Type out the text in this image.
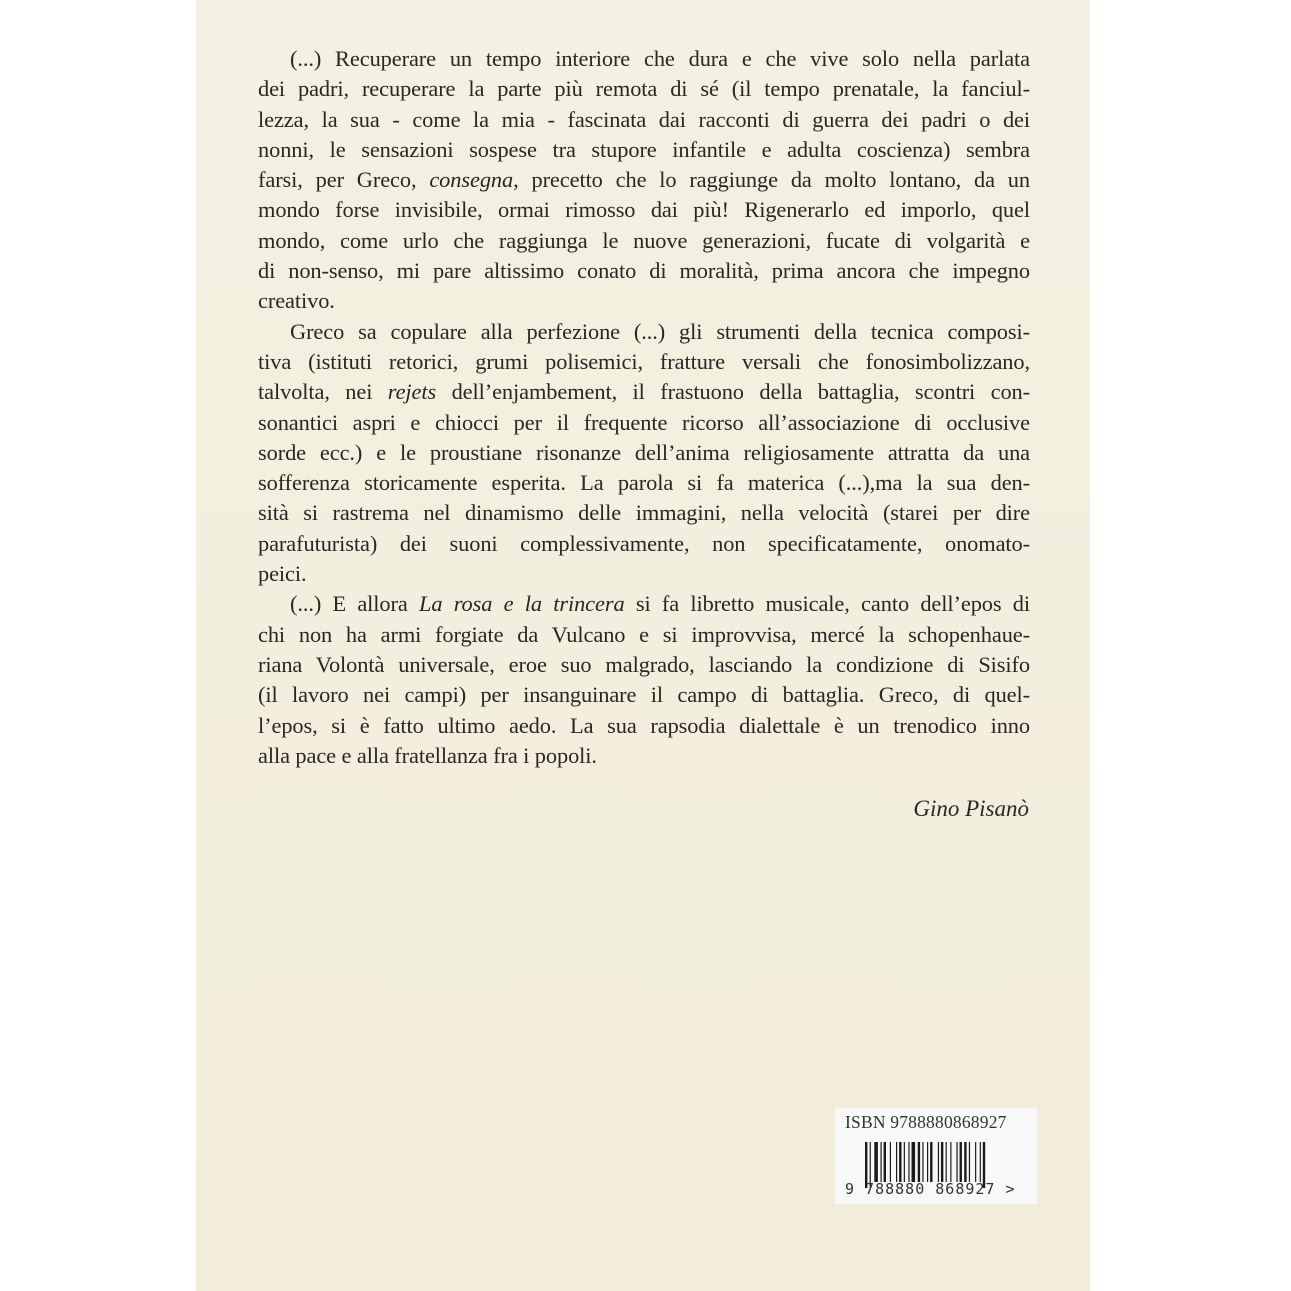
(...) Recuperare un tempo interiore che dura e che vive solo nella parlata
dei padri, recuperare la parte più remota di sé (il tempo prenatale, la fanciul-
lezza, la sua - come la mia - fascinata dai racconti di guerra dei padri o dei
nonni, le sensazioni sospese tra stupore infantile e adulta coscienza) sembra
farsi, per Greco, consegna, precetto che lo raggiunge da molto lontano, da un
mondo forse invisibile, ormai rimosso dai più! Rigenerarlo ed imporlo, quel
mondo, come urlo che raggiunga le nuove generazioni, fucate di volgarità e
di non-senso, mi pare altissimo conato di moralità, prima ancora che impegno
creativo.
Greco sa copulare alla perfezione (...) gli strumenti della tecnica composi-
tiva (istituti retorici, grumi polisemici, fratture versali che fonosimbolizzano,
talvolta, nei rejets dell’enjambement, il frastuono della battaglia, scontri con-
sonantici aspri e chiocci per il frequente ricorso all’associazione di occlusive
sorde ecc.) e le proustiane risonanze dell’anima religiosamente attratta da una
sofferenza storicamente esperita. La parola si fa materica (...),ma la sua den-
sità si rastrema nel dinamismo delle immagini, nella velocità (starei per dire
parafuturista) dei suoni complessivamente, non specificatamente, onomato-
peici.
(...) E allora La rosa e la trincera si fa libretto musicale, canto dell’epos di
chi non ha armi forgiate da Vulcano e si improvvisa, mercé la schopenhaue-
riana Volontà universale, eroe suo malgrado, lasciando la condizione di Sisifo
(il lavoro nei campi) per insanguinare il campo di battaglia. Greco, di quel-
l’epos, si è fatto ultimo aedo. La sua rapsodia dialettale è un trenodico inno
alla pace e alla fratellanza fra i popoli.
Gino Pisanò
ISBN 9788880868927
9 788880 868927 >
